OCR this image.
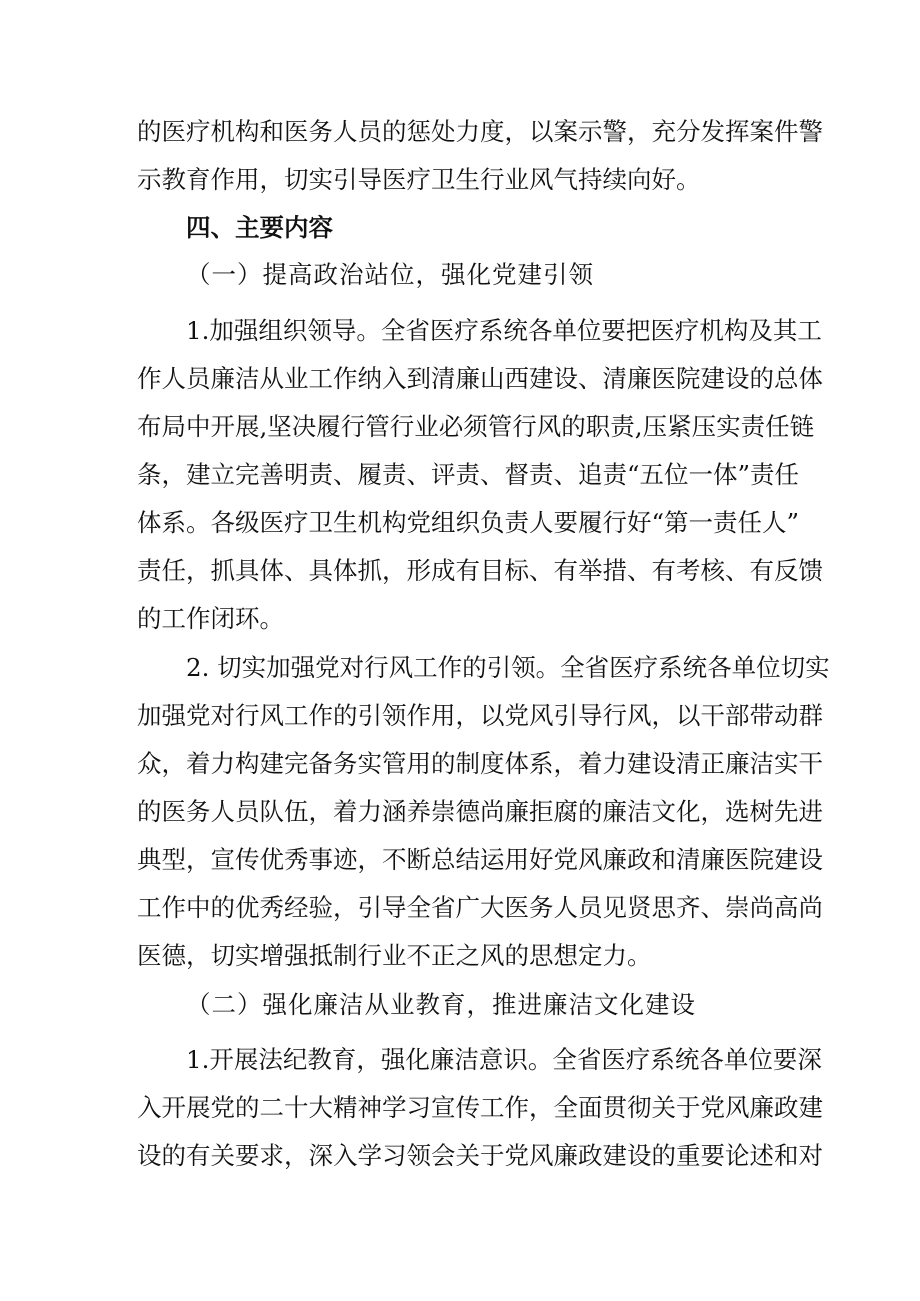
的医疗机构和医务人员的惩处力度，以案示警，充分发挥案件警
示教育作用，切实引导医疗卫生行业风气持续向好。
四、主要内容
（一）提高政治站位，强化党建引领
1.加强组织领导。全省医疗系统各单位要把医疗机构及其工
作人员廉洁从业工作纳入到清廉山西建设、清廉医院建设的总体
布局中开展,坚决履行管行业必须管行风的职责,压紧压实责任链
条，建立完善明责、履责、评责、督责、追责“五位一体”责任
体系。各级医疗卫生机构党组织负责人要履行好“第一责任人”
责任，抓具体、具体抓，形成有目标、有举措、有考核、有反馈
的工作闭环。
2. 切实加强党对行风工作的引领。全省医疗系统各单位切实
加强党对行风工作的引领作用，以党风引导行风，以干部带动群
众，着力构建完备务实管用的制度体系，着力建设清正廉洁实干
的医务人员队伍，着力涵养崇德尚廉拒腐的廉洁文化，选树先进
典型，宣传优秀事迹，不断总结运用好党风廉政和清廉医院建设
工作中的优秀经验，引导全省广大医务人员见贤思齐、崇尚高尚
医德，切实增强抵制行业不正之风的思想定力。
（二）强化廉洁从业教育，推进廉洁文化建设
1.开展法纪教育，强化廉洁意识。全省医疗系统各单位要深
入开展党的二十大精神学习宣传工作，全面贯彻关于党风廉政建
设的有关要求，深入学习领会关于党风廉政建设的重要论述和对
